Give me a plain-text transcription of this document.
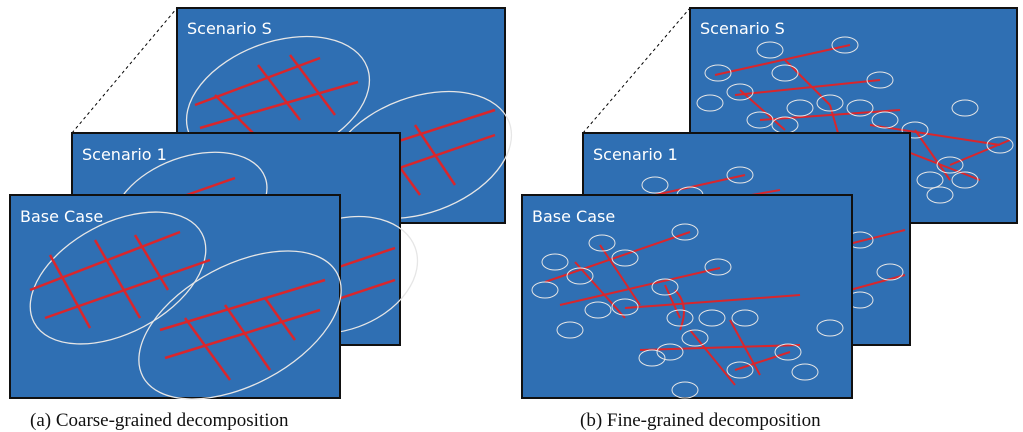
Scenario S
Scenario 1
Base Case
Scenario S
Scenario 1
Base Case
(a) Coarse-grained decomposition	(b) Fine-grained decomposition
